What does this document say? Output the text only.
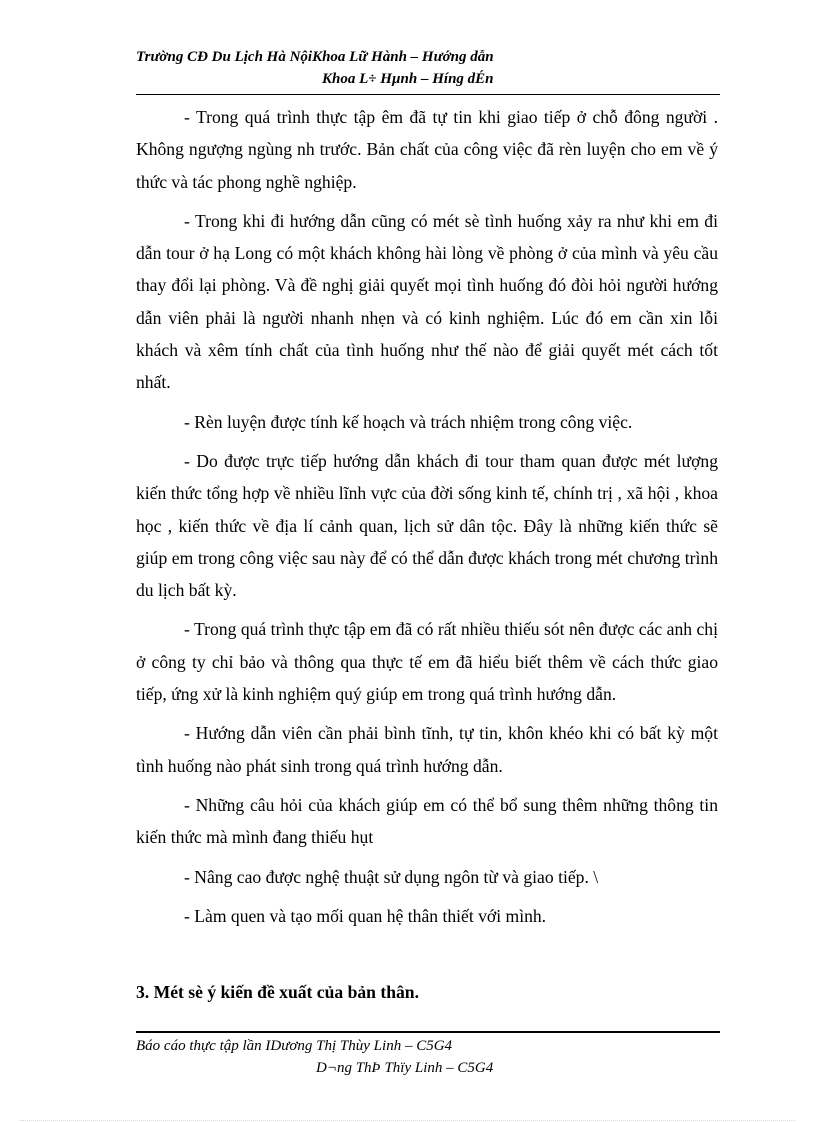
Trường CĐ Du Lịch Hà NộiKhoa Lữ Hành – Hướng dẫn
Khoa L÷ Hµnh – Híng dÉn

- Trong quá trình thực tập êm đã tự tin khi giao tiếp ở chỗ đông người . Không ngượng ngùng nh trước. Bản chất của công việc đã rèn luyện cho em về ý thức và tác phong nghề nghiệp.

- Trong khi đi hướng dẫn cũng có mét sè tình huống xảy ra như khi em đi dẫn tour ở hạ Long có một khách không hài lòng về phòng ở của mình và yêu cầu thay đổi lại phòng. Và đề nghị giải quyết mọi tình huống đó đòi hỏi người hướng dẫn viên phải là người nhanh nhẹn và có kinh nghiệm. Lúc đó em cần xin lỗi khách và xêm tính chất của tình huống như thế nào để giải quyết mét cách tốt nhất.

- Rèn luyện được tính kế hoạch và trách nhiệm trong công việc.

- Do được trực tiếp hướng dẫn khách đi tour tham quan được mét lượng kiến thức tổng hợp về nhiều lĩnh vực của đời sống kinh tế, chính trị , xã hội , khoa học , kiến thức về địa lí cảnh quan, lịch sử dân tộc. Đây là những kiến thức sẽ giúp em trong công việc sau này để có thể dẫn được khách trong mét chương trình du lịch bất kỳ.

- Trong quá trình thực tập em đã có rất nhiều thiếu sót nên được các anh chị ở công ty chỉ bảo và thông qua thực tế em đã hiểu biết thêm về cách thức giao tiếp, ứng xử là kinh nghiệm quý giúp em trong quá trình hướng dẫn.

- Hướng dẫn viên cần phải bình tĩnh, tự tin, khôn khéo khi có bất kỳ một tình huống nào phát sinh trong quá trình hướng dẫn.

- Những câu hỏi của khách giúp em có thể bổ sung thêm những thông tin kiến thức mà mình đang thiếu hụt

- Nâng cao được nghệ thuật sử dụng ngôn từ và giao tiếp. \

- Làm quen và tạo mối quan hệ thân thiết với mình.

3. Mét sè ý kiến đề xuất của bản thân.
Báo cáo thực tập lần IDương Thị Thùy Linh – C5G4
D¬ng ThÞ Thïy Linh – C5G4
